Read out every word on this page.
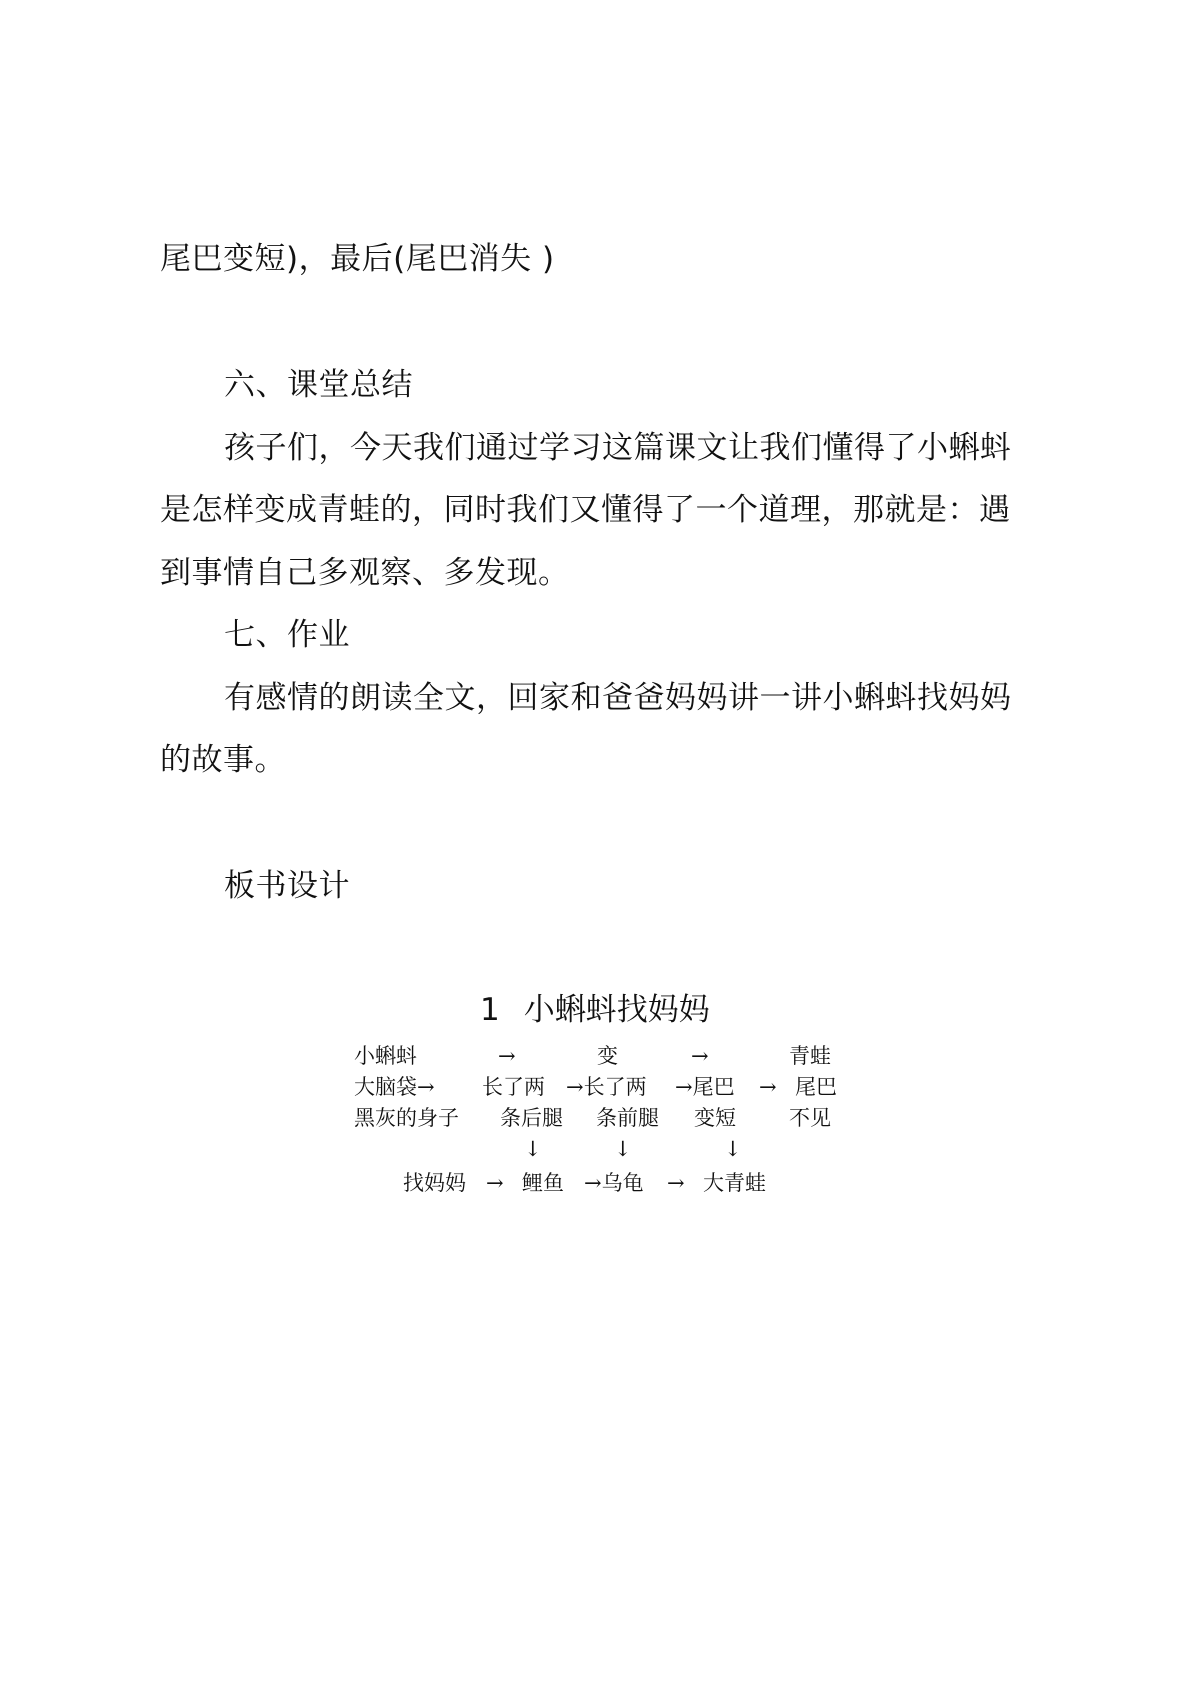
尾巴变短)，最后(尾巴消失 )
六、课堂总结
孩子们，今天我们通过学习这篇课文让我们懂得了小蝌蚪
是怎样变成青蛙的，同时我们又懂得了一个道理，那就是：遇
到事情自己多观察、多发现。
七、作业
有感情的朗读全文，回家和爸爸妈妈讲一讲小蝌蚪找妈妈
的故事。
板书设计
1 小蝌蚪找妈妈
小蝌蚪	→	变	→	青蛙
大脑袋→ 长了两 →长了两 →尾巴 → 尾巴
黑灰的身子 条后腿 条前腿 变短	不见
↓	↓	↓
找妈妈 → 鲤鱼 →乌龟 → 大青蛙
